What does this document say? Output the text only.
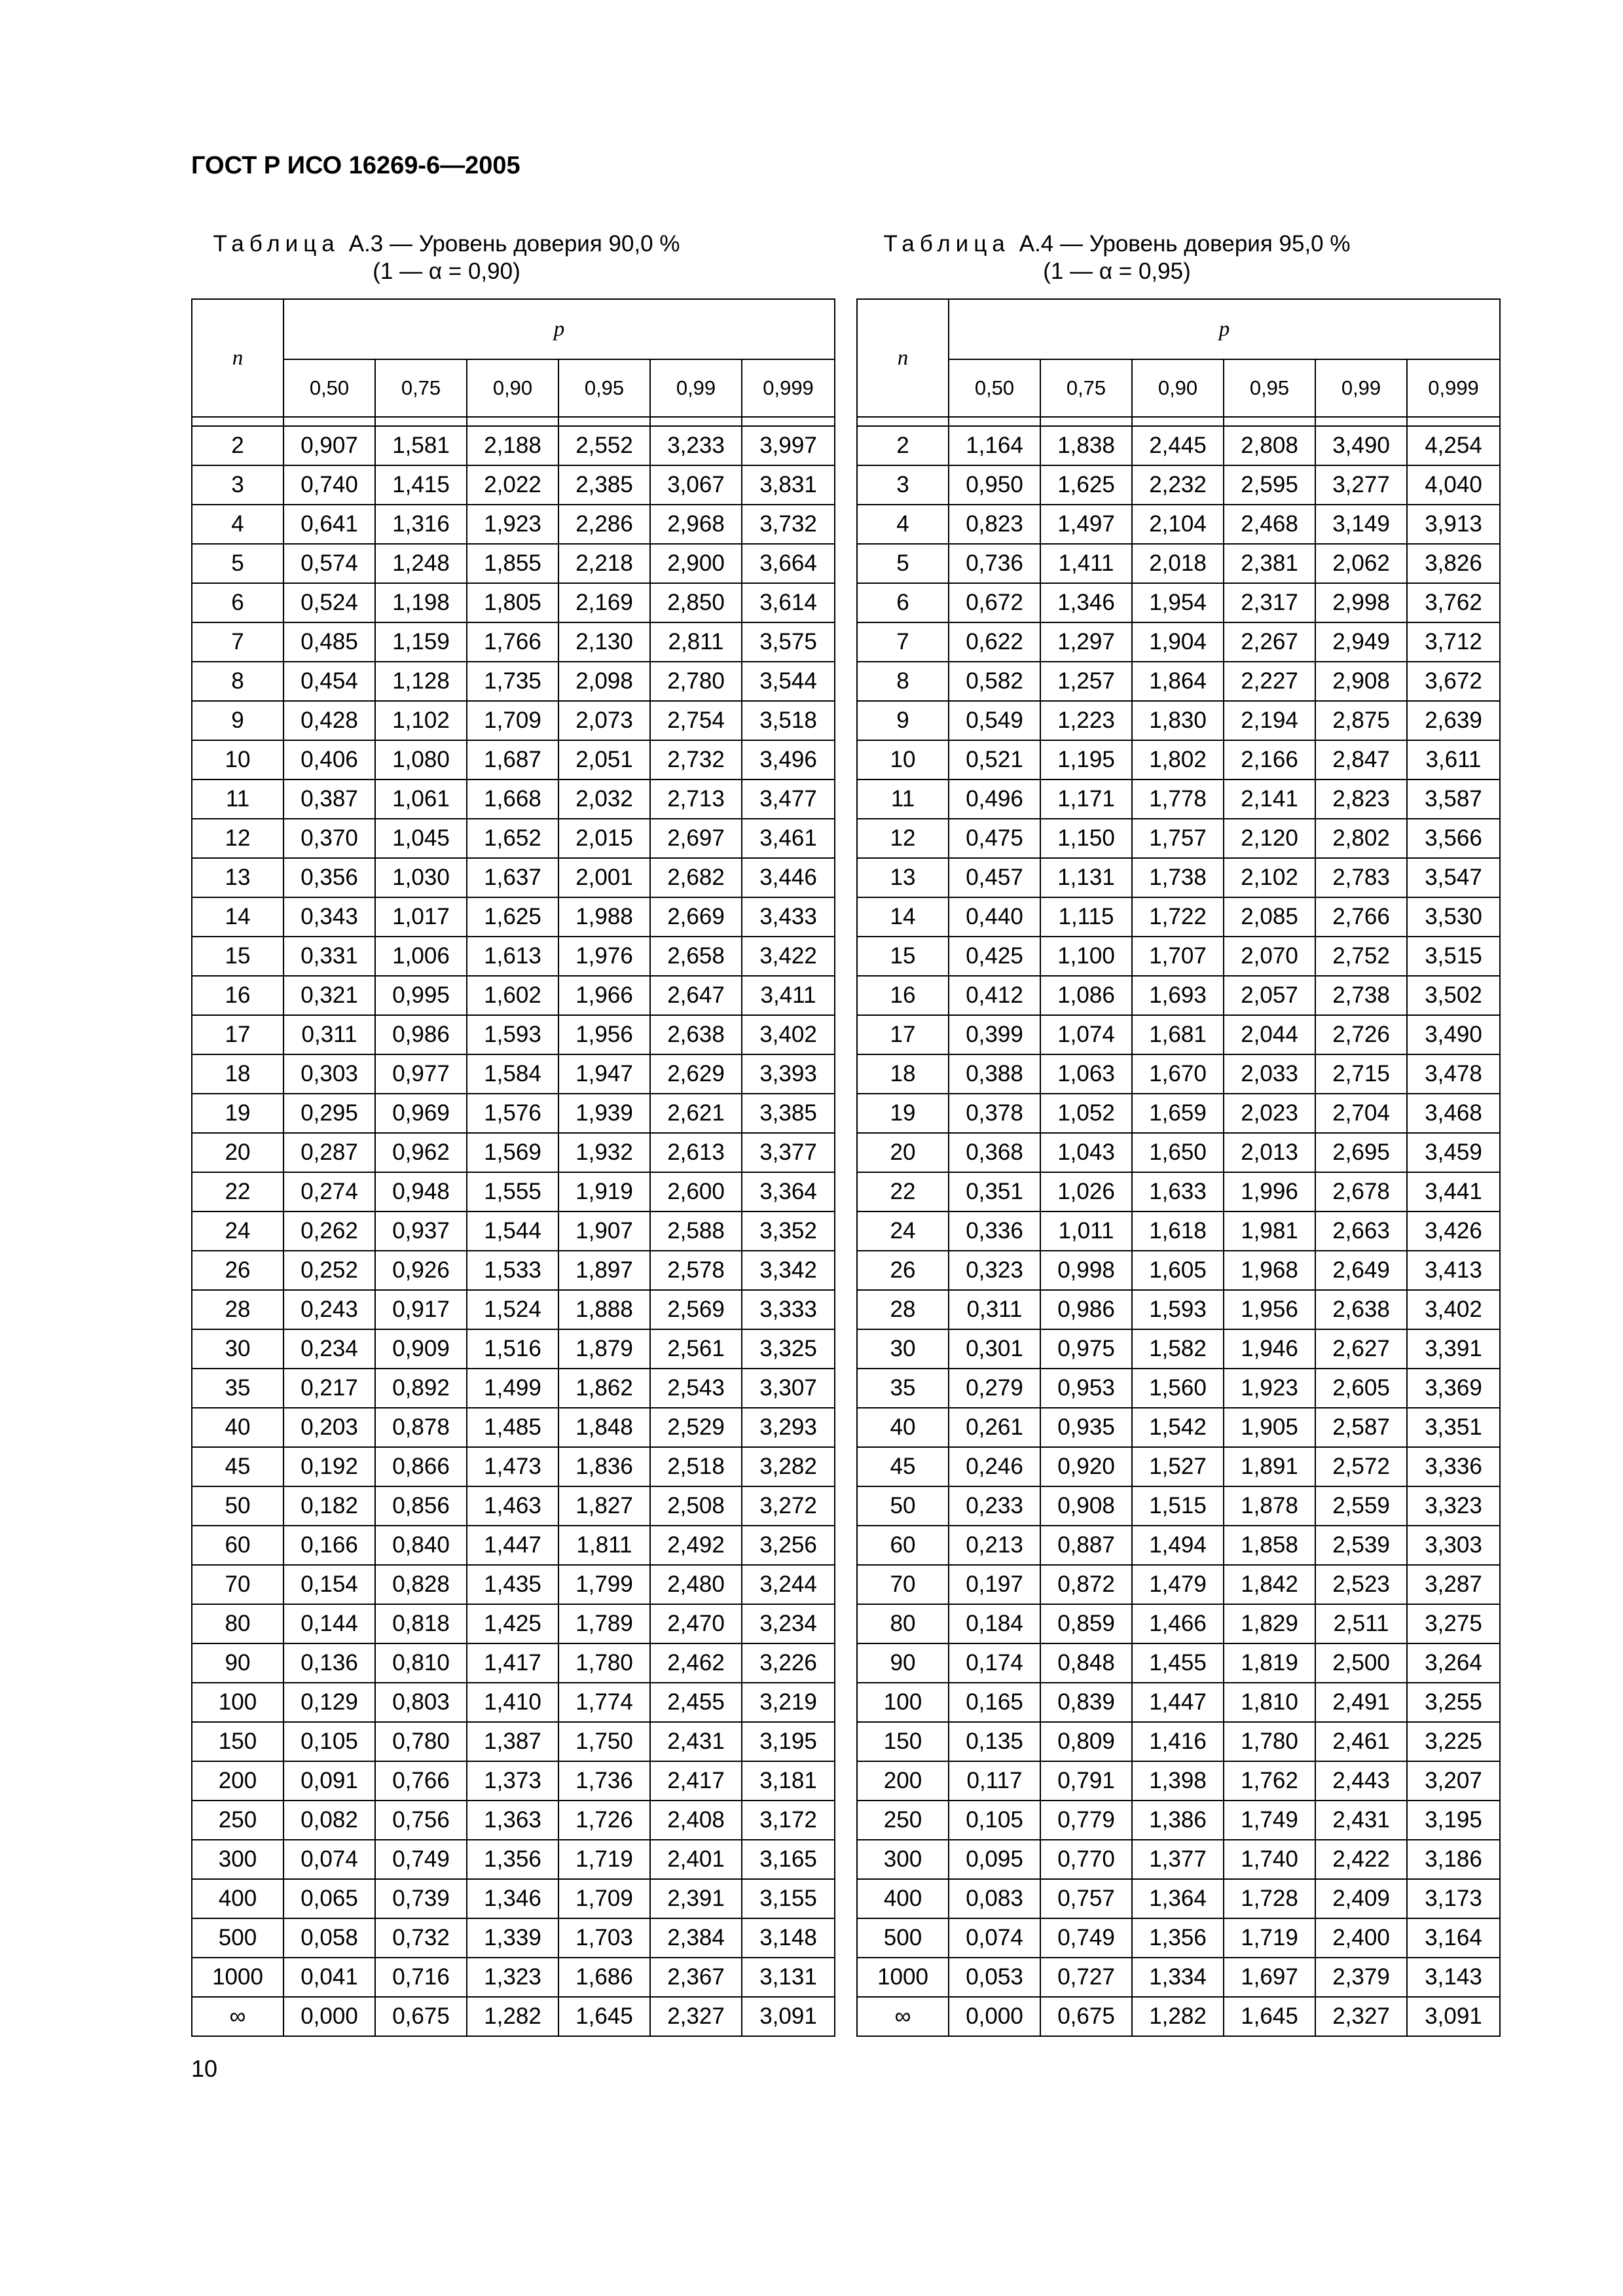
ГОСТ Р ИСО 16269-6—2005
Таблица А.3 — Уровень доверия 90,0 %
(1 — α = 0,90)
Таблица А.4 — Уровень доверия 95,0 %
(1 — α = 0,95)
n	p					
	0,50	0,75	0,90	0,95	0,99	0,999

2	0,907	1,581	2,188	2,552	3,233	3,997
3	0,740	1,415	2,022	2,385	3,067	3,831
4	0,641	1,316	1,923	2,286	2,968	3,732
5	0,574	1,248	1,855	2,218	2,900	3,664
6	0,524	1,198	1,805	2,169	2,850	3,614
7	0,485	1,159	1,766	2,130	2,811	3,575
8	0,454	1,128	1,735	2,098	2,780	3,544
9	0,428	1,102	1,709	2,073	2,754	3,518
10	0,406	1,080	1,687	2,051	2,732	3,496
11	0,387	1,061	1,668	2,032	2,713	3,477
12	0,370	1,045	1,652	2,015	2,697	3,461
13	0,356	1,030	1,637	2,001	2,682	3,446
14	0,343	1,017	1,625	1,988	2,669	3,433
15	0,331	1,006	1,613	1,976	2,658	3,422
16	0,321	0,995	1,602	1,966	2,647	3,411
17	0,311	0,986	1,593	1,956	2,638	3,402
18	0,303	0,977	1,584	1,947	2,629	3,393
19	0,295	0,969	1,576	1,939	2,621	3,385
20	0,287	0,962	1,569	1,932	2,613	3,377
22	0,274	0,948	1,555	1,919	2,600	3,364
24	0,262	0,937	1,544	1,907	2,588	3,352
26	0,252	0,926	1,533	1,897	2,578	3,342
28	0,243	0,917	1,524	1,888	2,569	3,333
30	0,234	0,909	1,516	1,879	2,561	3,325
35	0,217	0,892	1,499	1,862	2,543	3,307
40	0,203	0,878	1,485	1,848	2,529	3,293
45	0,192	0,866	1,473	1,836	2,518	3,282
50	0,182	0,856	1,463	1,827	2,508	3,272
60	0,166	0,840	1,447	1,811	2,492	3,256
70	0,154	0,828	1,435	1,799	2,480	3,244
80	0,144	0,818	1,425	1,789	2,470	3,234
90	0,136	0,810	1,417	1,780	2,462	3,226
100	0,129	0,803	1,410	1,774	2,455	3,219
150	0,105	0,780	1,387	1,750	2,431	3,195
200	0,091	0,766	1,373	1,736	2,417	3,181
250	0,082	0,756	1,363	1,726	2,408	3,172
300	0,074	0,749	1,356	1,719	2,401	3,165
400	0,065	0,739	1,346	1,709	2,391	3,155
500	0,058	0,732	1,339	1,703	2,384	3,148
1000	0,041	0,716	1,323	1,686	2,367	3,131
∞	0,000	0,675	1,282	1,645	2,327	3,091
n	p					
	0,50	0,75	0,90	0,95	0,99	0,999

2	1,164	1,838	2,445	2,808	3,490	4,254
3	0,950	1,625	2,232	2,595	3,277	4,040
4	0,823	1,497	2,104	2,468	3,149	3,913
5	0,736	1,411	2,018	2,381	2,062	3,826
6	0,672	1,346	1,954	2,317	2,998	3,762
7	0,622	1,297	1,904	2,267	2,949	3,712
8	0,582	1,257	1,864	2,227	2,908	3,672
9	0,549	1,223	1,830	2,194	2,875	2,639
10	0,521	1,195	1,802	2,166	2,847	3,611
11	0,496	1,171	1,778	2,141	2,823	3,587
12	0,475	1,150	1,757	2,120	2,802	3,566
13	0,457	1,131	1,738	2,102	2,783	3,547
14	0,440	1,115	1,722	2,085	2,766	3,530
15	0,425	1,100	1,707	2,070	2,752	3,515
16	0,412	1,086	1,693	2,057	2,738	3,502
17	0,399	1,074	1,681	2,044	2,726	3,490
18	0,388	1,063	1,670	2,033	2,715	3,478
19	0,378	1,052	1,659	2,023	2,704	3,468
20	0,368	1,043	1,650	2,013	2,695	3,459
22	0,351	1,026	1,633	1,996	2,678	3,441
24	0,336	1,011	1,618	1,981	2,663	3,426
26	0,323	0,998	1,605	1,968	2,649	3,413
28	0,311	0,986	1,593	1,956	2,638	3,402
30	0,301	0,975	1,582	1,946	2,627	3,391
35	0,279	0,953	1,560	1,923	2,605	3,369
40	0,261	0,935	1,542	1,905	2,587	3,351
45	0,246	0,920	1,527	1,891	2,572	3,336
50	0,233	0,908	1,515	1,878	2,559	3,323
60	0,213	0,887	1,494	1,858	2,539	3,303
70	0,197	0,872	1,479	1,842	2,523	3,287
80	0,184	0,859	1,466	1,829	2,511	3,275
90	0,174	0,848	1,455	1,819	2,500	3,264
100	0,165	0,839	1,447	1,810	2,491	3,255
150	0,135	0,809	1,416	1,780	2,461	3,225
200	0,117	0,791	1,398	1,762	2,443	3,207
250	0,105	0,779	1,386	1,749	2,431	3,195
300	0,095	0,770	1,377	1,740	2,422	3,186
400	0,083	0,757	1,364	1,728	2,409	3,173
500	0,074	0,749	1,356	1,719	2,400	3,164
1000	0,053	0,727	1,334	1,697	2,379	3,143
∞	0,000	0,675	1,282	1,645	2,327	3,091
10
